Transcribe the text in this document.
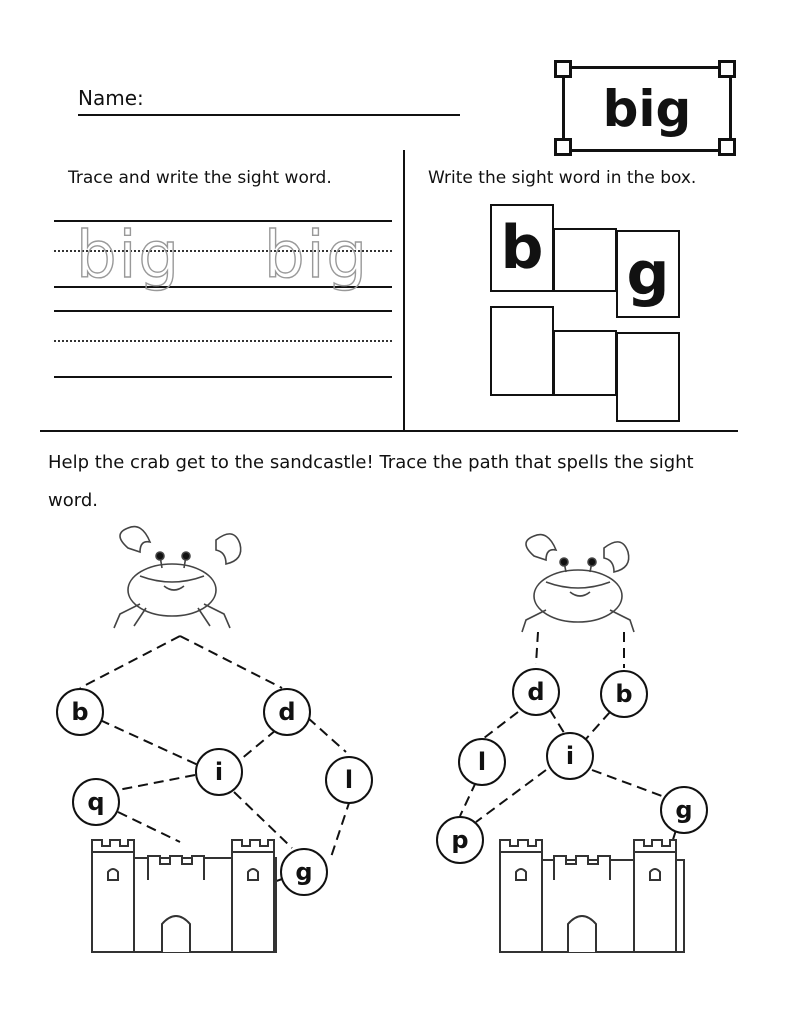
Name:	big
Trace and write the sight word.
big big
Write the sight word in the box.
b g
Help the crab get to the sandcastle! Trace the path that spells the sight word.
b	d
i
q
l
g
d	b
l	i
p
g
